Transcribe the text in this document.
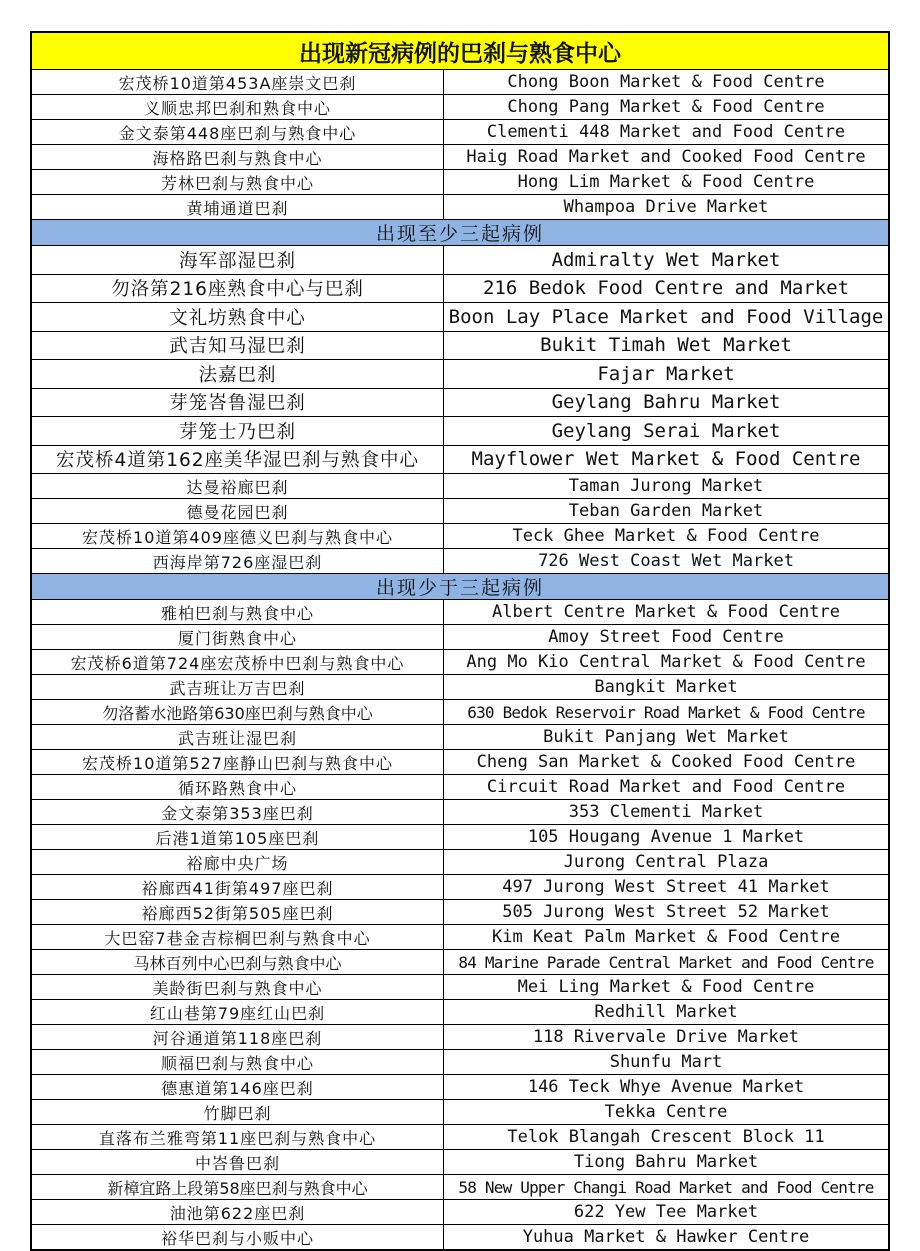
出现新冠病例的巴刹与熟食中心
宏茂桥10道第453A座崇文巴刹	Chong Boon Market & Food Centre
义顺忠邦巴刹和熟食中心	Chong Pang Market & Food Centre
金文泰第448座巴刹与熟食中心	Clementi 448 Market and Food Centre
海格路巴刹与熟食中心	Haig Road Market and Cooked Food Centre
芳林巴刹与熟食中心	Hong Lim Market & Food Centre
黄埔通道巴刹	Whampoa Drive Market
出现至少三起病例
海军部湿巴刹	Admiralty Wet Market
勿洛第216座熟食中心与巴刹	216 Bedok Food Centre and Market
文礼坊熟食中心	Boon Lay Place Market and Food Village
武吉知马湿巴刹	Bukit Timah Wet Market
法嘉巴刹	Fajar Market
芽笼峇鲁湿巴刹	Geylang Bahru Market
芽笼士乃巴刹	Geylang Serai Market
宏茂桥4道第162座美华湿巴刹与熟食中心	Mayflower Wet Market & Food Centre
达曼裕廊巴刹	Taman Jurong Market
德曼花园巴刹	Teban Garden Market
宏茂桥10道第409座德义巴刹与熟食中心	Teck Ghee Market & Food Centre
西海岸第726座湿巴刹	726 West Coast Wet Market
出现少于三起病例
雅柏巴刹与熟食中心	Albert Centre Market & Food Centre
厦门街熟食中心	Amoy Street Food Centre
宏茂桥6道第724座宏茂桥中巴刹与熟食中心	Ang Mo Kio Central Market & Food Centre
武吉班让万吉巴刹	Bangkit Market
勿洛蓄水池路第630座巴刹与熟食中心	630 Bedok Reservoir Road Market & Food Centre
武吉班让湿巴刹	Bukit Panjang Wet Market
宏茂桥10道第527座静山巴刹与熟食中心	Cheng San Market & Cooked Food Centre
循环路熟食中心	Circuit Road Market and Food Centre
金文泰第353座巴刹	353 Clementi Market
后港1道第105座巴刹	105 Hougang Avenue 1 Market
裕廊中央广场	Jurong Central Plaza
裕廊西41街第497座巴刹	497 Jurong West Street 41 Market
裕廊西52街第505座巴刹	505 Jurong West Street 52 Market
大巴窑7巷金吉棕榈巴刹与熟食中心	Kim Keat Palm Market & Food Centre
马林百列中心巴刹与熟食中心	84 Marine Parade Central Market and Food Centre
美龄街巴刹与熟食中心	Mei Ling Market & Food Centre
红山巷第79座红山巴刹	Redhill Market
河谷通道第118座巴刹	118 Rivervale Drive Market
顺福巴刹与熟食中心	Shunfu Mart
德惠道第146座巴刹	146 Teck Whye Avenue Market
竹脚巴刹	Tekka Centre
直落布兰雅弯第11座巴刹与熟食中心	Telok Blangah Crescent Block 11
中峇鲁巴刹	Tiong Bahru Market
新樟宜路上段第58座巴刹与熟食中心	58 New Upper Changi Road Market and Food Centre
油池第622座巴刹	622 Yew Tee Market
裕华巴刹与小贩中心	Yuhua Market & Hawker Centre
